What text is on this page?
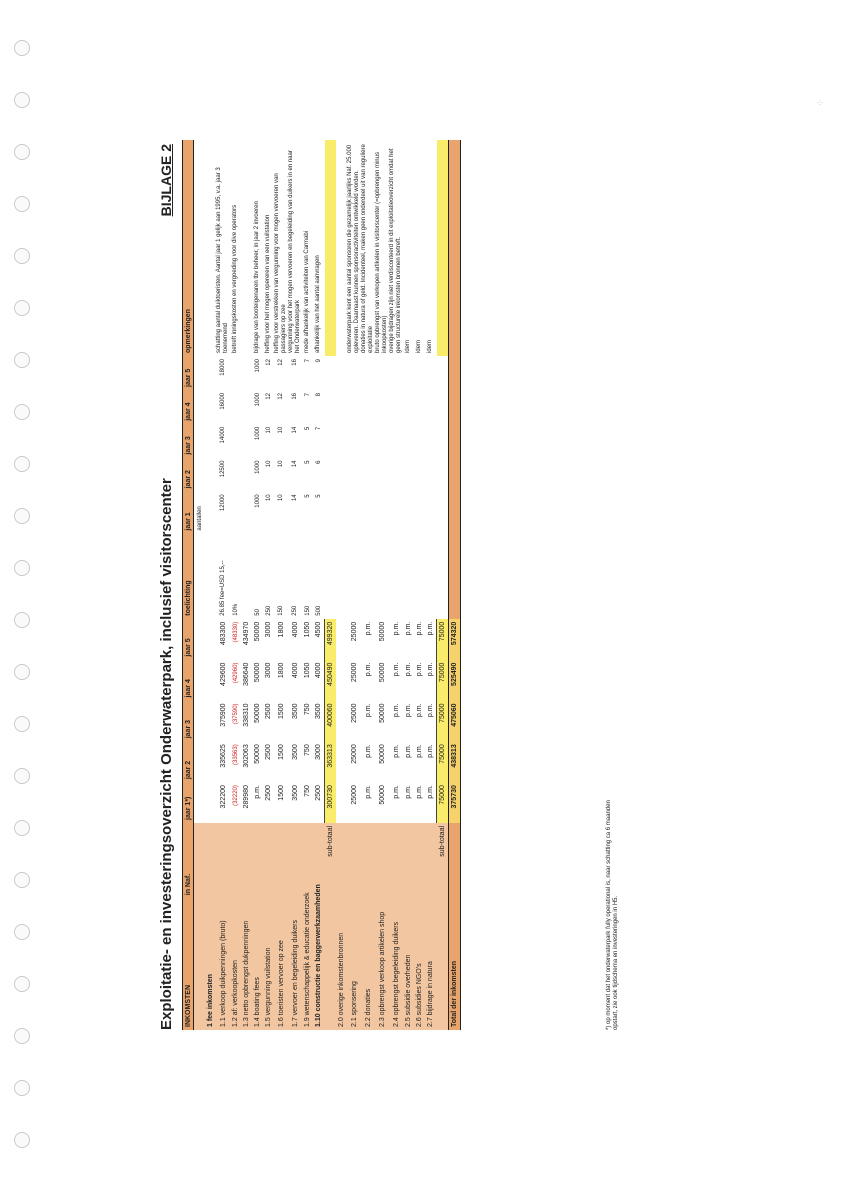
·:·
Exploitatie- en investeringsoverzicht Onderwaterpark, inclusief visitorscenter
BIJLAGE 2
INKOMSTEN	in Naf.	jaar 1*)	jaar 2	jaar 3	jaar 4	jaar 5	toelichting	jaar 1	jaar 2	jaar 3	jaar 4	jaar 5	opmerkingen
								aantallen					
1 fee inkomsten													
1.1 verkoop duikpenningen (bruto)		322200	335625	375900	429600	483300	26.85 fee=USD 15,--	12000	12500	14000	16000	18000	schatting aantal duiktoeristen. Aantal jaar 1 gelijk aan 1995, v.a. jaar 3 toenemend
1.2 af: verkoopkosten		(32220)	(33563)	(37590)	(42960)	(48330)	10%						betreft inningskosten en vergoeding voor dive operators
1.3 netto opbrengst dukpenningen		289980	302063	338310	386640	434970							
1.4 boating fees		p.m.	50000	50000	50000	50000	50	1000	1000	1000	1000	1000	bijdrage van booteigenaren tbv beheer, in jaar 2 invoeren
1.5 vergunning vuilstation		2500	2500	2500	3000	3000	250	10	10	10	12	12	heffing voor het mogen opereren van een vuilstation
1.6 toeristen vervoer op zee		1500	1500	1500	1800	1800	150	10	10	10	12	12	heffing voor verstrekken van vergunning voor mogen vervoeren van passagiers op zee
1.7 vervoer en begeleiding duikers		3500	3500	3500	4000	4000	250	14	14	14	16	16	vergunning voor het mogen vervoeren en begeleiding van duikers in en naar het Onderwaterpark
1.9 wetenschappelijk & educatie onderzoek		750	750	750	1050	1050	150	5	5	5	7	7	mede afhankelijk van activiteiten van Carmabi
1.10 constructie en baggerwerkzaamheden		2500	3000	3500	4000	4500	500	5	6	7	8	9	afhankelijk van het aantal aanvragen
sub-totaal		300730	363313	400060	450490	499320							
2.0 overige inkomstenbronnen													
2.1 sponsering		25000	25000	25000	25000	25000							onderwaterpark kent een aantal sponsoren die gezamelijk jaarlijks Naf. 25.000 opleveren. Daarnaast kunnen sponsoractiviteiten ontwikkeld worden.
2.2 donaties		p.m.	p.m.	p.m.	p.m.	p.m.							donaties in natura of geld. Incidenteel, maken geen onderdeel uit van reguliere exploitatie
2.3 opbrengst verkoop artikelen shop		50000	50000	50000	50000	50000							bruto opbrengst van verkopen artikelen in visitorscenter (=opbrengen minus inkoopkosten)
2.4 opbrengst begeleiding duikers		p.m.	p.m.	p.m.	p.m.	p.m.							overige bijdragen zijn niet verdisconteerd in dit exploitatieoverzicht omdat het geen structurele inkomsten bronnen betreft.
2.5 subsidie overheden		p.m.	p.m.	p.m.	p.m.	p.m.							idem
2.6 subsidies NGO's		p.m.	p.m.	p.m.	p.m.	p.m.							idem
2.7 bijdrage in natura		p.m.	p.m.	p.m.	p.m.	p.m.							idem
sub-totaal		75000	75000	75000	75000	75000							
Total der inkomsten		375730	438313	475060	525490	574320							
*) op moment dat het onderwaterpark fully operational is, naar schatting ca 6 maanden opstart, zie ook tijdschema en investeringen in H5.
